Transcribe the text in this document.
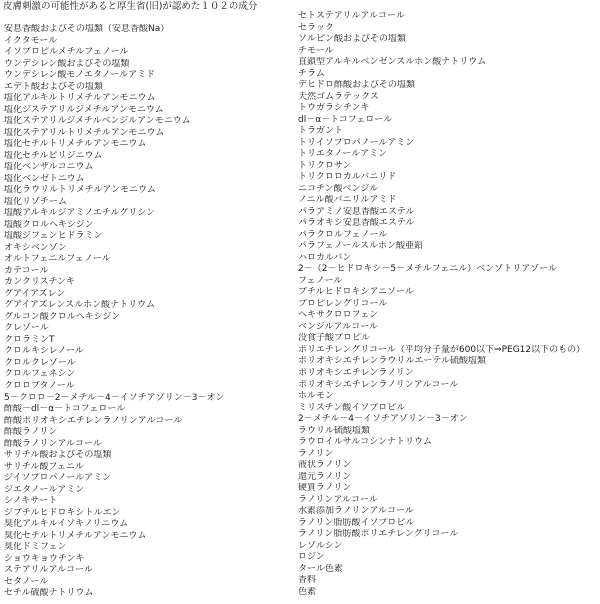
皮膚刺激の可能性があると厚生省(旧)が認めた１０２の成分
安息香酸およびその塩類（安息香酸Na）
イクタモール
イソプロピルメチルフェノール
ウンデシレン酸およびその塩類
ウンデシレン酸モノエタノールアミド
エデト酸およびその塩類
塩化アルキルトリメチルアンモニウム
塩化ジステアリルジメチルアンモニウム
塩化ステアリルジメチルベンジルアンモニウム
塩化ステアリルトリメチルアンモニウム
塩化セチルトリメチルアンモニウム
塩化セチルピリジニウム
塩化ベンザルコニウム
塩化ベンゼトニウム
塩化ラウリルトリメチルアンモニウム
塩化リゾチーム
塩酸アルキルジアミノエチルグリシン
塩酸クロルヘキシジン
塩酸ジフェンヒドラミン
オキシベンゾン
オルトフェニルフェノール
カテコール
カンクリスチンキ
グアイアズレン
グアイアズレンスルホン酸ナトリウム
グルコン酸クロルヘキシジン
クレゾール
クロラミンT
クロルキシレノール
クロルクレゾール
クロルフェネシン
クロロブタノール
5－クロロ－2－メチル－4－イソチアゾリン－3－オン
酢酸－dl－α－トコフェロール
酢酸ポリオキシエチレンラノリンアルコール
酢酸ラノリン
酢酸ラノリンアルコール
サリチル酸およびその塩類
サリチル酸フェニル
ジイソプロパノールアミン
ジエタノールアミン
シノキサート
ジブチルヒドロキシトルエン
臭化アルキルイソキノリニウム
臭化セチルトリメチルアンモニウム
臭化ドミフェン
ショウキョウチンキ
ステアリルアルコール
セタノール
セチル硫酸ナトリウム
セトステアリルアルコール
セラック
ソルビン酸およびその塩類
チモール
直鎖型アルキルベンゼンスルホン酸ナトリウム
チラム
デヒドロ酢酸およびその塩類
天然ゴムラテックス
トウガラシチンキ
dl－α－トコフェロール
トラガント
トリイソプロパノールアミン
トリエタノールアミン
トリクロサン
トリクロロカルバニリド
ニコチン酸ベンジル
ノニル酸バニリルアミド
パラアミノ安息香酸エステル
パラオキシ安息香酸エステル
パラクロルフェノール
パラフェノールスルホン酸亜鉛
ハロカルバン
2－（2－ヒドロキシ－5－メチルフェニル）ベンゾトリアゾール
フェノール
ブチルヒドロキシアニソール
プロピレングリコール
ヘキサクロロフェン
ベンジルアルコール
没食子酸プロピル
ポリエチレングリコール（平均分子量が600以下⇒PEG12以下のもの）
ポリオキシエチレンラウリルエーテル硫酸塩類
ポリオキシエチレンラノリン
ポリオキシエチレンラノリンアルコール
ホルモン
ミリスチン酸イソプロピル
2－メチル－4－イソチアゾリン－3－オン
ラウリル硫酸塩類
ラウロイルサルコシンナトリウム
ラノリン
液状ラノリン
還元ラノリン
硬質ラノリン
ラノリンアルコール
水素添加ラノリンアルコール
ラノリン脂肪酸イソプロピル
ラノリン脂肪酸ポリエチレングリコール
レゾルシン
ロジン
タール色素
香料
色素
